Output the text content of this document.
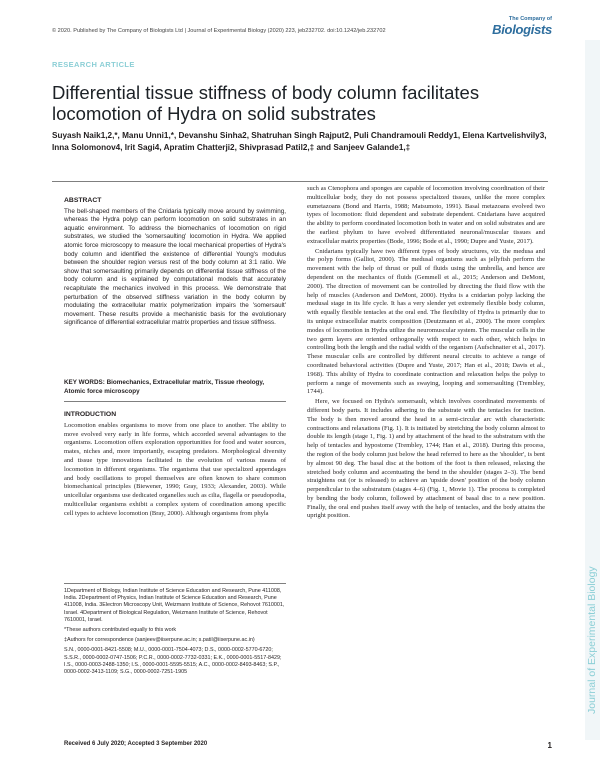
© 2020. Published by The Company of Biologists Ltd | Journal of Experimental Biology (2020) 223, jeb232702. doi:10.1242/jeb.232702
The Company of
Biologists
RESEARCH ARTICLE
Differential tissue stiffness of body column facilitates locomotion of Hydra on solid substrates
Suyash Naik1,2,*, Manu Unni1,*, Devanshu Sinha2, Shatruhan Singh Rajput2, Puli Chandramouli Reddy1, Elena Kartvelishvily3, Inna Solomonov4, Irit Sagi4, Apratim Chatterji2, Shivprasad Patil2,‡ and Sanjeev Galande1,‡
ABSTRACT

The bell-shaped members of the Cnidaria typically move around by swimming, whereas the Hydra polyp can perform locomotion on solid substrates in an aquatic environment. To address the biomechanics of locomotion on rigid substrates, we studied the 'somersaulting' locomotion in Hydra. We applied atomic force microscopy to measure the local mechanical properties of Hydra's body column and identified the existence of differential Young's modulus between the shoulder region versus rest of the body column at 3:1 ratio. We show that somersaulting primarily depends on differential tissue stiffness of the body column and is explained by computational models that accurately recapitulate the mechanics involved in this process. We demonstrate that perturbation of the observed stiffness variation in the body column by modulating the extracellular matrix polymerization impairs the 'somersault' movement. These results provide a mechanistic basis for the evolutionary significance of differential extracellular matrix properties and tissue stiffness.

KEY WORDS: Biomechanics, Extracellular matrix, Tissue rheology, Atomic force microscopy
INTRODUCTION

Locomotion enables organisms to move from one place to another. The ability to move evolved very early in life forms, which accorded several advantages to the organisms. Locomotion offers exploration opportunities for food and water sources, mates, niches and, more importantly, escaping predators. Morphological diversity and tissue type innovations facilitated in the evolution of various means of locomotion in different organisms. The organisms that use specialized appendages and body oscillations to propel themselves are often known to share common biomechanical principles (Biewener, 1990; Gray, 1933; Alexander, 2003). While unicellular organisms use dedicated organelles such as cilia, flagella or pseudopodia, multicellular organisms exhibit a complex system of coordination among specific cell types to achieve locomotion (Bray, 2000). Although organisms from phyla

1Department of Biology, Indian Institute of Science Education and Research, Pune 411008, India. 2Department of Physics, Indian Institute of Science Education and Research, Pune 411008, India. 3Electron Microscopy Unit, Weizmann Institute of Science, Rehovot 7610001, Israel. 4Department of Biological Regulation, Weizmann Institute of Science, Rehovot 7610001, Israel.

*These authors contributed equally to this work

‡Authors for correspondence (sanjeev@iiserpune.ac.in; s.patil@iiserpune.ac.in)

S.N., 0000-0001-8421-5508; M.U., 0000-0001-7504-4073; D.S., 0000-0002-5770-6720; S.S.R., 0000-0002-0747-1506; P.C.R., 0000-0002-7732-0331; E.K., 0000-0001-5517-8429; I.S., 0000-0003-2488-1350; I.S., 0000-0001-5595-5515; A.C., 0000-0002-8493-8463; S.P., 0000-0002-3413-1109; S.G., 0000-0002-7251-1905

Received 6 July 2020; Accepted 3 September 2020

such as Ctenophora and sponges are capable of locomotion involving coordination of their multicellular body, they do not possess specialized tissues, unlike the more complex eumetazoans (Bond and Harris, 1988; Matsumoto, 1991). Basal metazoans evolved two types of locomotion: fluid dependent and substrate dependent. Cnidarians have acquired the ability to perform coordinated locomotion both in water and on solid substrates and are the earliest phylum to have evolved differentiated neuronal/muscular tissues and extracellular matrix properties (Bode, 1996; Bode et al., 1990; Dupre and Yuste, 2017).

Cnidarians typically have two different types of body structures, viz. the medusa and the polyp forms (Galliot, 2000). The medusal organisms such as jellyfish perform the movement with the help of thrust or pull of fluids using the umbrella, and hence are dependent on the mechanics of fluids (Gemmell et al., 2015; Anderson and DeMont, 2000). The direction of movement can be controlled by directing the fluid flow with the help of muscles (Anderson and DeMont, 2000). Hydra is a cnidarian polyp lacking the medusal stage in its life cycle. It has a very slender yet extremely flexible body column, with equally flexible tentacles at the oral end. The flexibility of Hydra is primarily due to its unique extracellular matrix composition (Deutzmann et al., 2000). The more complex modes of locomotion in Hydra utilize the neuromuscular system. The muscular cells in the two germ layers are oriented orthogonally with respect to each other, which helps in controlling both the length and the radial width of the organism (Aufschnaiter et al., 2017). These muscular cells are controlled by different neural circuits to achieve a range of coordinated behavioral activities (Dupre and Yuste, 2017; Han et al., 2018; Davis et al., 1968). This ability of Hydra to coordinate contraction and relaxation helps the polyp to perform a range of movements such as swaying, looping and somersaulting (Trembley, 1744).

Here, we focused on Hydra's somersault, which involves coordinated movements of different body parts. It includes adhering to the substrate with the tentacles for traction. The body is then moved around the head in a semi-circular arc with characteristic contractions and relaxations (Fig. 1). It is initiated by stretching the body column almost to double its length (stage 1, Fig. 1) and by attachment of the head to the substratum with the help of tentacles and hypostome (Trembley, 1744; Han et al., 2018). During this process, the region of the body column just below the head referred to here as the 'shoulder', is bent by almost 90 deg. The basal disc at the bottom of the foot is then released, relaxing the stretched body column and accentuating the bend in the shoulder (stages 2–3). The bend straightens out (or is released) to achieve an 'upside down' position of the body column perpendicular to the substratum (stages 4–6) (Fig. 1, Movie 1). The process is completed by bending the body column, followed by attachment of basal disc to a new position. Finally, the oral end pushes itself away with the help of tentacles, and the body attains the upright position.

1
